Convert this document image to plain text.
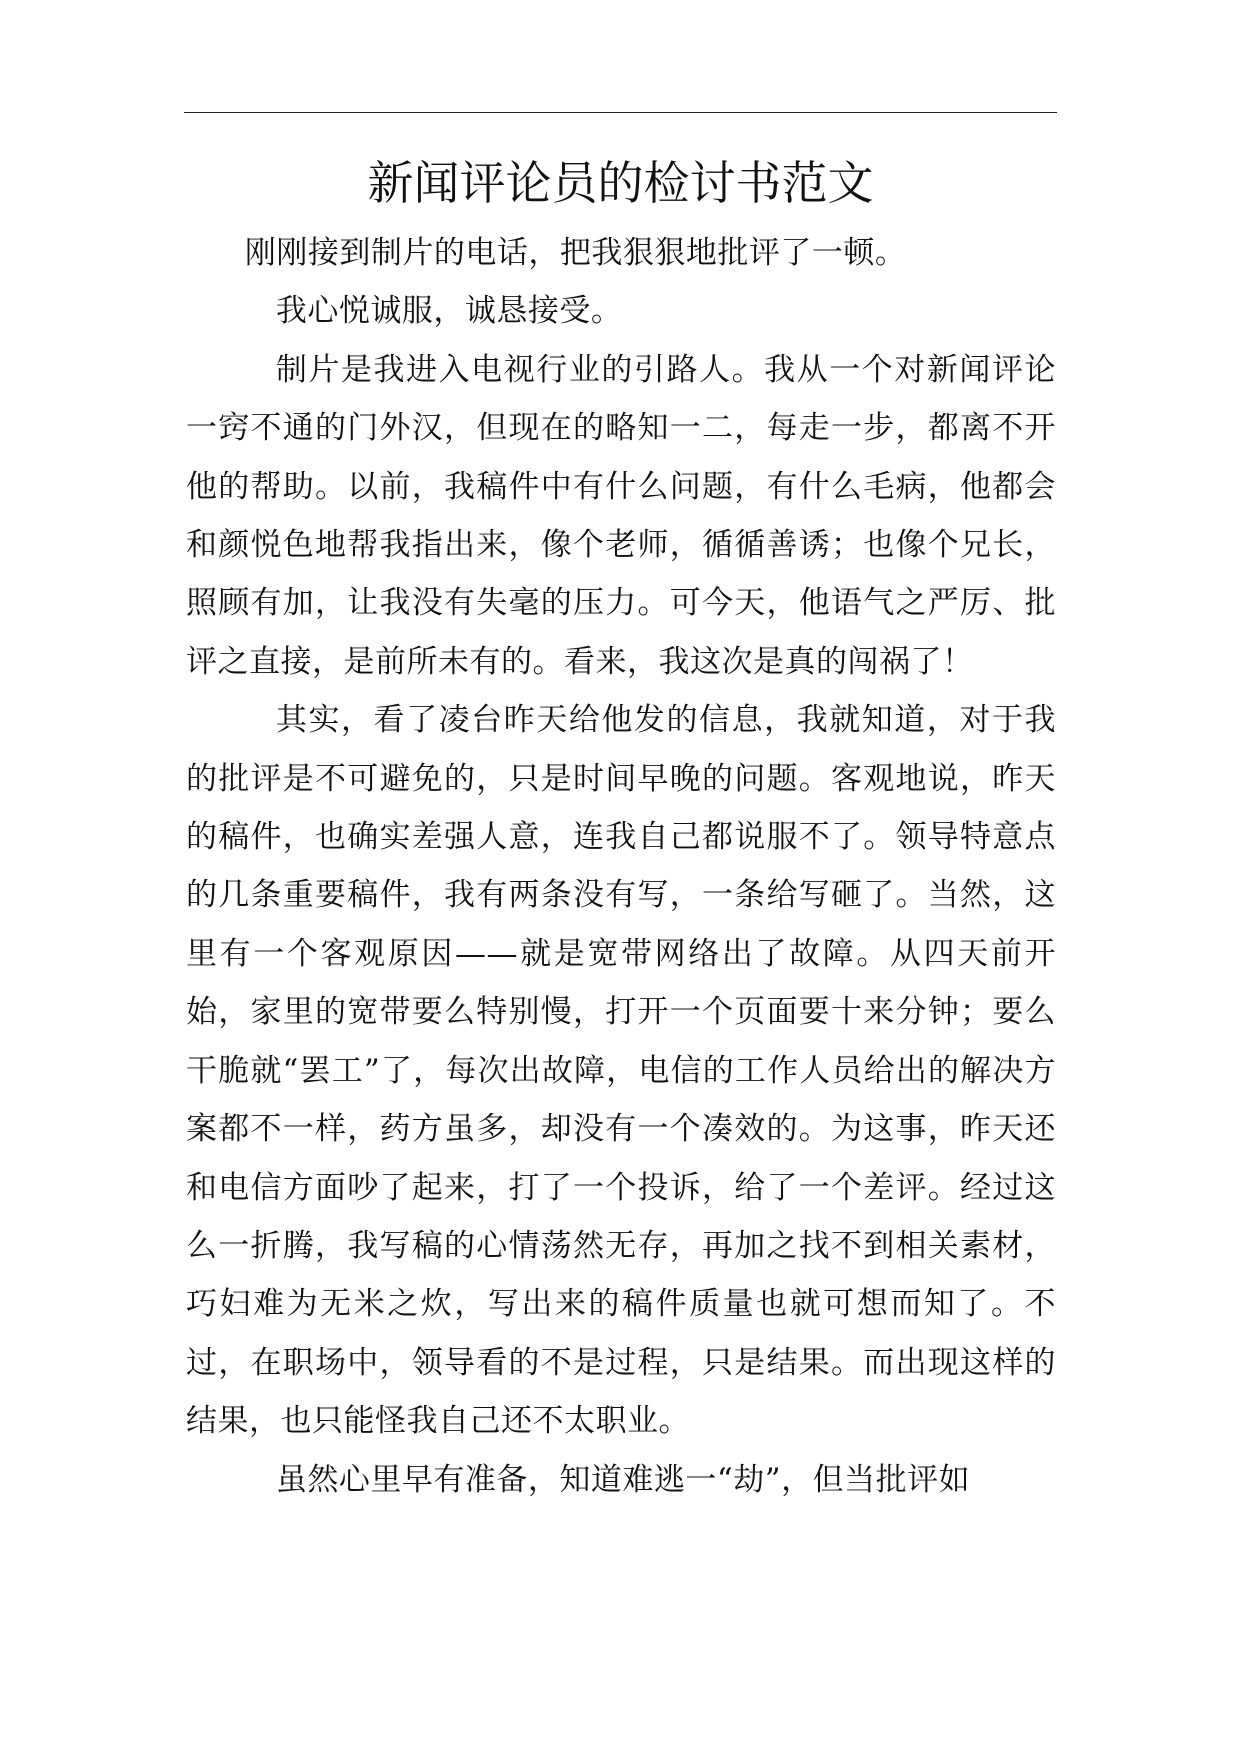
新闻评论员的检讨书范文

刚刚接到制片的电话，把我狠狠地批评了一顿。

我心悦诚服，诚恳接受。

制片是我进入电视行业的引路人。我从一个对新闻评论一窍不通的门外汉，但现在的略知一二，每走一步，都离不开他的帮助。以前，我稿件中有什么问题，有什么毛病，他都会和颜悦色地帮我指出来，像个老师，循循善诱；也像个兄长，照顾有加，让我没有失毫的压力。可今天，他语气之严厉、批评之直接，是前所未有的。看来，我这次是真的闯祸了！

其实，看了凌台昨天给他发的信息，我就知道，对于我的批评是不可避免的，只是时间早晚的问题。客观地说，昨天的稿件，也确实差强人意，连我自己都说服不了。领导特意点的几条重要稿件，我有两条没有写，一条给写砸了。当然，这里有一个客观原因——就是宽带网络出了故障。从四天前开始，家里的宽带要么特别慢，打开一个页面要十来分钟；要么干脆就“罢工”了，每次出故障，电信的工作人员给出的解决方案都不一样，药方虽多，却没有一个凑效的。为这事，昨天还和电信方面吵了起来，打了一个投诉，给了一个差评。经过这么一折腾，我写稿的心情荡然无存，再加之找不到相关素材，巧妇难为无米之炊，写出来的稿件质量也就可想而知了。不过，在职场中，领导看的不是过程，只是结果。而出现这样的结果，也只能怪我自己还不太职业。

虽然心里早有准备，知道难逃一“劫”，但当批评如
